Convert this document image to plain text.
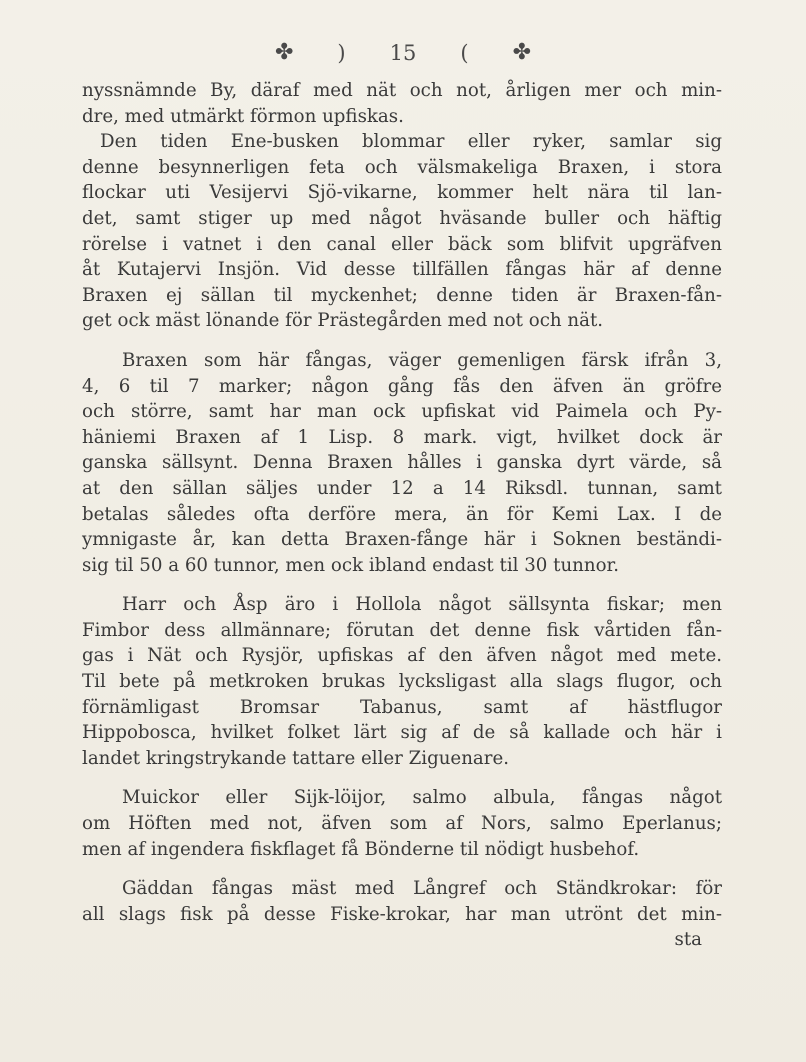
✤ ) 15 ( ✤
nyssnämnde By, däraf med nät och not, årligen mer och min-
dre, med utmärkt förmon upfiskas.
Den tiden Ene-busken blommar eller ryker, samlar sig
denne besynnerligen feta och välsmakeliga Braxen, i stora
flockar uti Vesijervi Sjö-vikarne, kommer helt nära til lan-
det, samt stiger up med något hväsande buller och häftig
rörelse i vatnet i den canal eller bäck som blifvit upgräfven
åt Kutajervi Insjön. Vid desse tillfällen fångas här af denne
Braxen ej sällan til myckenhet; denne tiden är Braxen-fån-
get ock mäst lönande för Prästegården med not och nät.
Braxen som här fångas, väger gemenligen färsk ifrån 3,
4, 6 til 7 marker; någon gång fås den äfven än gröfre
och större, samt har man ock upfiskat vid Paimela och Py-
häniemi Braxen af 1 Lisp. 8 mark. vigt, hvilket dock är
ganska sällsynt. Denna Braxen hålles i ganska dyrt värde, så
at den sällan säljes under 12 a 14 Riksdl. tunnan, samt
betalas således ofta derföre mera, än för Kemi Lax. I de
ymnigaste år, kan detta Braxen-fånge här i Soknen beständi-
sig til 50 a 60 tunnor, men ock ibland endast til 30 tunnor.
Harr och Åsp äro i Hollola något sällsynta fiskar; men
Fimbor dess allmännare; förutan det denne fisk vårtiden fån-
gas i Nät och Rysjör, upfiskas af den äfven något med mete.
Til bete på metkroken brukas lycksligast alla slags flugor, och
förnämligast Bromsar Tabanus, samt af hästflugor
Hippobosca, hvilket folket lärt sig af de så kallade och här i
landet kringstrykande tattare eller Ziguenare.
Muickor eller Sijk-löijor, salmo albula, fångas något
om Höften med not, äfven som af Nors, salmo Eperlanus;
men af ingendera fiskflaget få Bönderne til nödigt husbehof.
Gäddan fångas mäst med Långref och Ständkrokar: för
all slags fisk på desse Fiske-krokar, har man utrönt det min-
sta
